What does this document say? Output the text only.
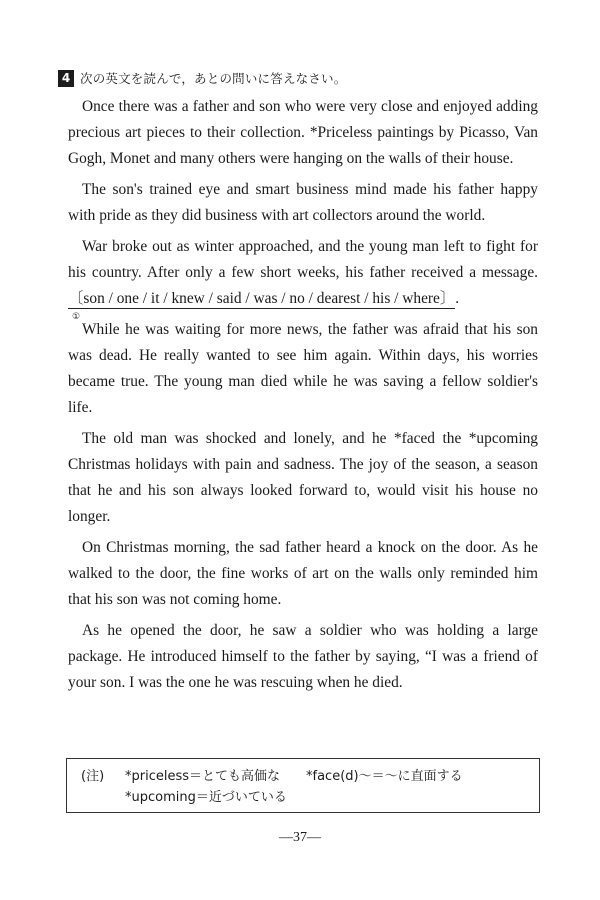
4 次の英文を読んで，あとの問いに答えなさい。

Once there was a father and son who were very close and enjoyed adding precious art pieces to their collection. *Priceless paintings by Picasso, Van Gogh, Monet and many others were hanging on the walls of their house.

The son's trained eye and smart business mind made his father happy with pride as they did business with art collectors around the world.

War broke out as winter approached, and the young man left to fight for his country. After only a few short weeks, his father received a message. 〔son / one / it / knew / said / was / no / dearest / his / where〕
①
.

While he was waiting for more news, the father was afraid that his son was dead. He really wanted to see him again. Within days, his worries became true. The young man died while he was saving a fellow soldier's life.

The old man was shocked and lonely, and he *faced the *upcoming Christmas holidays with pain and sadness. The joy of the season, a season that he and his son always looked forward to, would visit his house no longer.

On Christmas morning, the sad father heard a knock on the door. As he walked to the door, the fine works of art on the walls only reminded him that his son was not coming home.

As he opened the door, he saw a soldier who was holding a large package. He introduced himself to the father by saying, “I was a friend of your son. I was the one he was rescuing when he died.

(注) *priceless＝とても高価な *face(d)～＝～に直面する
*upcoming＝近づいている
—37—
